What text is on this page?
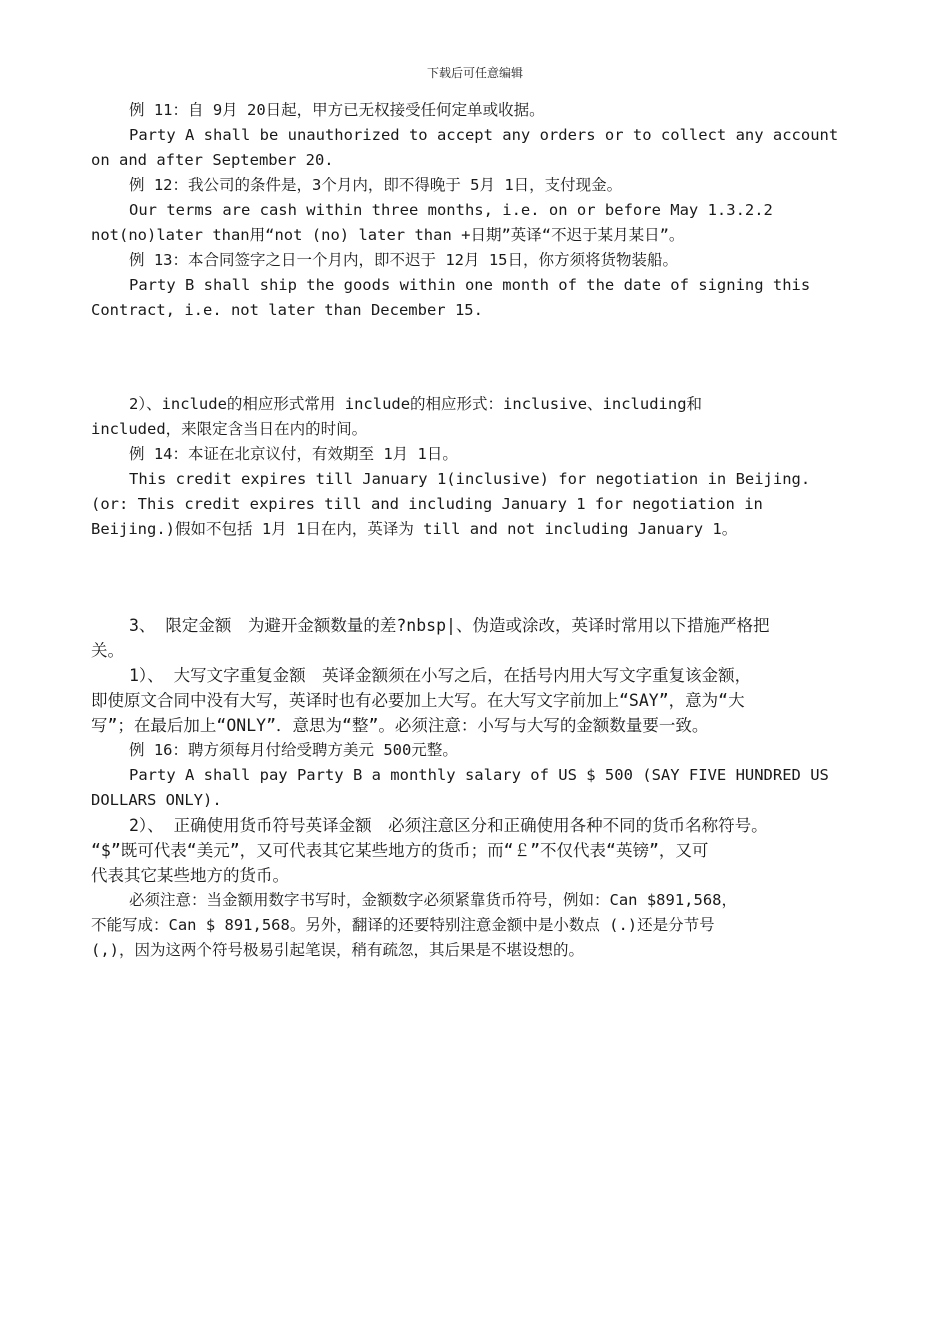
下载后可任意编辑

例 11：自 9月 20日起，甲方已无权接受任何定单或收据。

Party A shall be unauthorized to accept any orders or to collect any account

on and after September 20.

例 12：我公司的条件是，3个月内，即不得晚于 5月 1日，支付现金。

Our terms are cash within three months, i.e. on or before May 1.3.2.2

not(no)later than用“not (no) later than +日期”英译“不迟于某月某日”。

例 13：本合同签字之日一个月内，即不迟于 12月 15日，你方须将货物装船。

Party B shall ship the goods within one month of the date of signing this

Contract, i.e. not later than December 15.

2）、include的相应形式常用 include的相应形式：inclusive、including和

included，来限定含当日在内的时间。

例 14：本证在北京议付，有效期至 1月 1日。

This credit expires till January 1(inclusive) for negotiation in Beijing.

(or: This credit expires till and including January 1 for negotiation in

Beijing.)假如不包括 1月 1日在内，英译为 till and not including January 1。

3、 限定金额　为避开金额数量的差?nbsp|、伪造或涂改，英译时常用以下措施严格把

关。

1）、 大写文字重复金额　英译金额须在小写之后，在括号内用大写文字重复该金额，

即使原文合同中没有大写，英译时也有必要加上大写。在大写文字前加上“SAY”，意为“大

写”；在最后加上“ONLY”．意思为“整”。必须注意：小写与大写的金额数量要一致。

例 16：聘方须每月付给受聘方美元 500元整。

Party A shall pay Party B a monthly salary of US $ 500 (SAY FIVE HUNDRED US

DOLLARS ONLY).

2）、 正确使用货币符号英译金额　必须注意区分和正确使用各种不同的货币名称符号。

“$”既可代表“美元”，又可代表其它某些地方的货币；而“￡”不仅代表“英镑”，又可

代表其它某些地方的货币。

必须注意：当金额用数字书写时，金额数字必须紧靠货币符号，例如：Can $891,568，

不能写成：Can $ 891,568。另外，翻译的还要特别注意金额中是小数点 (.)还是分节号

(,)，因为这两个符号极易引起笔误，稍有疏忽，其后果是不堪设想的。
